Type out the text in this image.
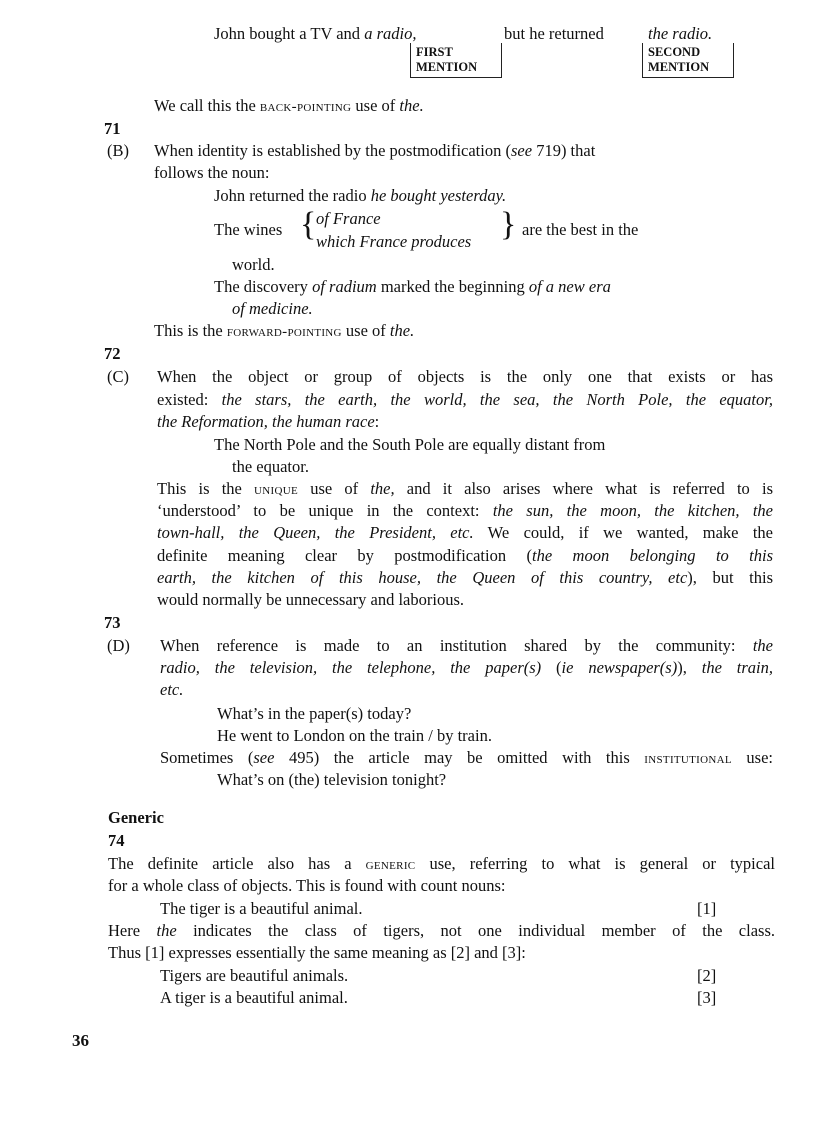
John bought a TV and a radio,	but he returned	the radio.
FIRST
MENTION
SECOND
MENTION
We call this the back-pointing use of the.
71
(B) When identity is established by the postmodification (see 719) that
follows the noun:
John returned the radio he bought yesterday.
The wines { of France
which France produces } are the best in the
world.
The discovery of radium marked the beginning of a new era
of medicine.
This is the forward-pointing use of the.
72
(C) When the object or group of objects is the only one that exists or has
existed: the stars, the earth, the world, the sea, the North Pole, the equator,
the Reformation, the human race:
The North Pole and the South Pole are equally distant from
the equator.
This is the unique use of the, and it also arises where what is referred to is
‘understood’ to be unique in the context: the sun, the moon, the kitchen, the
town-hall, the Queen, the President, etc. We could, if we wanted, make the
definite meaning clear by postmodification (the moon belonging to this
earth, the kitchen of this house, the Queen of this country, etc), but this
would normally be unnecessary and laborious.
73
(D) When reference is made to an institution shared by the community: the
radio, the television, the telephone, the paper(s) (ie newspaper(s)), the train,
etc.
What’s in the paper(s) today?
He went to London on the train / by train.
Sometimes (see 495) the article may be omitted with this institutional use:
What’s on (the) television tonight?
Generic
74
The definite article also has a generic use, referring to what is general or typical
for a whole class of objects. This is found with count nouns:
The tiger is a beautiful animal.	[1]
Here the indicates the class of tigers, not one individual member of the class.
Thus [1] expresses essentially the same meaning as [2] and [3]:
Tigers are beautiful animals.	[2]
A tiger is a beautiful animal.	[3]
36
